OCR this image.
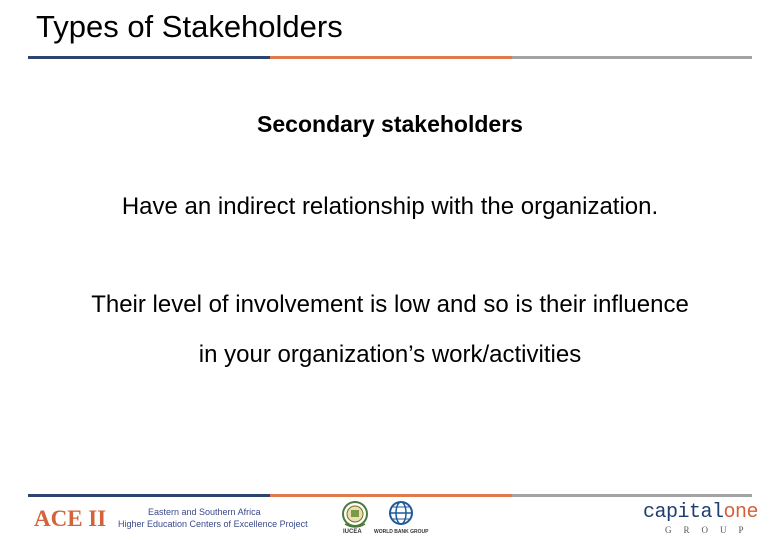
Types of Stakeholders
Secondary stakeholders
Have an indirect relationship with the organization.
Their level of involvement is low and so is their influence
in your organization’s work/activities
ACE II	Eastern and Southern Africa
Higher Education Centers of Excellence Project
IUCEA WORLD BANK GROUP
capitalone
GROUP
